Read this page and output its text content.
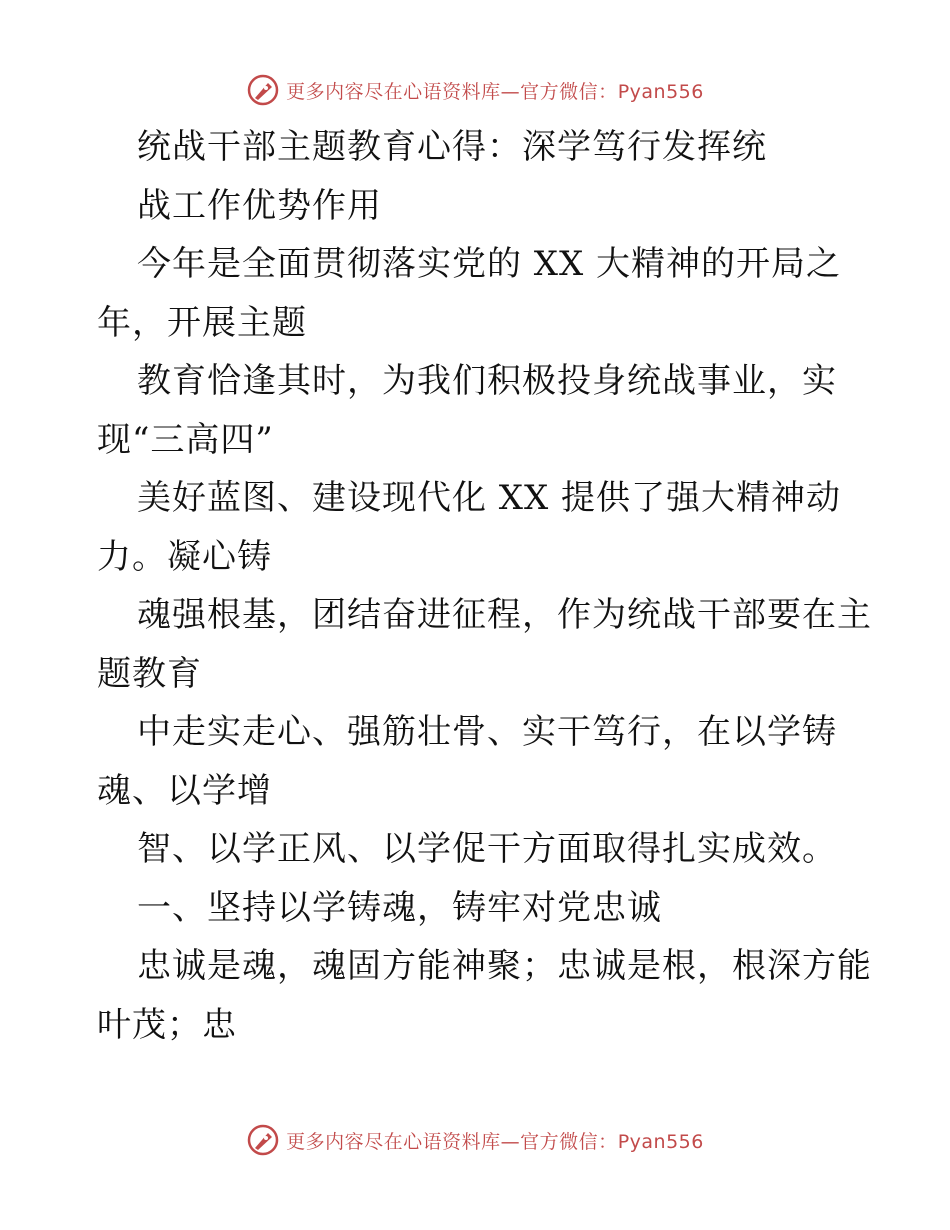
更多内容尽在心语资料库—官方微信：Pyan556
统战干部主题教育心得：深学笃行发挥统
战工作优势作用
今年是全面贯彻落实党的 XX 大精神的开局之
年，开展主题
教育恰逢其时，为我们积极投身统战事业，实
现“三高四”
美好蓝图、建设现代化 XX 提供了强大精神动
力。凝心铸
魂强根基，团结奋进征程，作为统战干部要在主
题教育
中走实走心、强筋壮骨、实干笃行，在以学铸
魂、以学增
智、以学正风、以学促干方面取得扎实成效。
一、坚持以学铸魂，铸牢对党忠诚
忠诚是魂，魂固方能神聚；忠诚是根，根深方能
叶茂；忠
更多内容尽在心语资料库—官方微信：Pyan556
